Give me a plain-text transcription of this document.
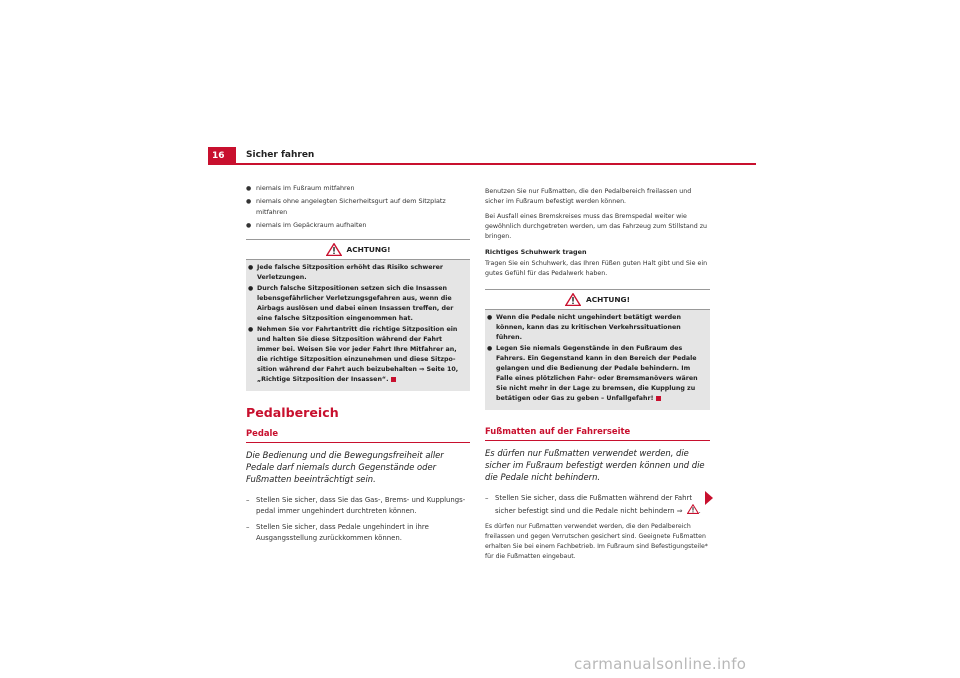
16	Sicher fahren
● niemals im Fußraum mitfahren
● niemals ohne angelegten Sicherheitsgurt auf dem Sitzplatz mitfahren
● niemals im Gepäckraum aufhalten
ACHTUNG!
● Jede falsche Sitzposition erhöht das Risiko schwerer Verletzungen.
● Durch falsche Sitzpositionen setzen sich die Insassen lebensgefährlicher Verletzungsgefahren aus, wenn die Airbags auslösen und dabei einen Insassen treffen, der eine falsche Sitzposition eingenommen hat.
● Nehmen Sie vor Fahrtantritt die richtige Sitzposition ein und halten Sie diese Sitzposition während der Fahrt immer bei. Weisen Sie vor jeder Fahrt Ihre Mitfahrer an, die richtige Sitzposition einzunehmen und diese Sitzposition während der Fahrt auch beizubehalten ⇒ Seite 10, „Richtige Sitzposition der Insassen“.
Pedalbereich
Pedale
Die Bedienung und die Bewegungsfreiheit aller Pedale darf niemals durch Gegenstände oder Fußmatten beeinträchtigt sein.
– Stellen Sie sicher, dass Sie das Gas-, Brems- und Kupplungspedal immer ungehindert durchtreten können.
– Stellen Sie sicher, dass Pedale ungehindert in ihre Ausgangsstellung zurückkommen können.
Benutzen Sie nur Fußmatten, die den Pedalbereich freilassen und sicher im Fußraum befestigt werden können.
Bei Ausfall eines Bremskreises muss das Bremspedal weiter wie gewöhnlich durchgetreten werden, um das Fahrzeug zum Stillstand zu bringen.
Richtiges Schuhwerk tragen
Tragen Sie ein Schuhwerk, das Ihren Füßen guten Halt gibt und Sie ein gutes Gefühl für das Pedalwerk haben.
ACHTUNG!
● Wenn die Pedale nicht ungehindert betätigt werden können, kann das zu kritischen Verkehrssituationen führen.
● Legen Sie niemals Gegenstände in den Fußraum des Fahrers. Ein Gegenstand kann in den Bereich der Pedale gelangen und die Bedienung der Pedale behindern. Im Falle eines plötzlichen Fahr- oder Bremsmanövers wären Sie nicht mehr in der Lage zu bremsen, die Kupplung zu betätigen oder Gas zu geben – Unfallgefahr!
Fußmatten auf der Fahrerseite
Es dürfen nur Fußmatten verwendet werden, die sicher im Fußraum befestigt werden können und die die Pedale nicht behindern.
– Stellen Sie sicher, dass die Fußmatten während der Fahrt sicher befestigt sind und die Pedale nicht behindern ⇒ .
Es dürfen nur Fußmatten verwendet werden, die den Pedalbereich freilassen und gegen Verrutschen gesichert sind. Geeignete Fußmatten erhalten Sie bei einem Fachbetrieb. Im Fußraum sind Befestigungsteile* für die Fußmatten eingebaut.
carmanualsonline.info
